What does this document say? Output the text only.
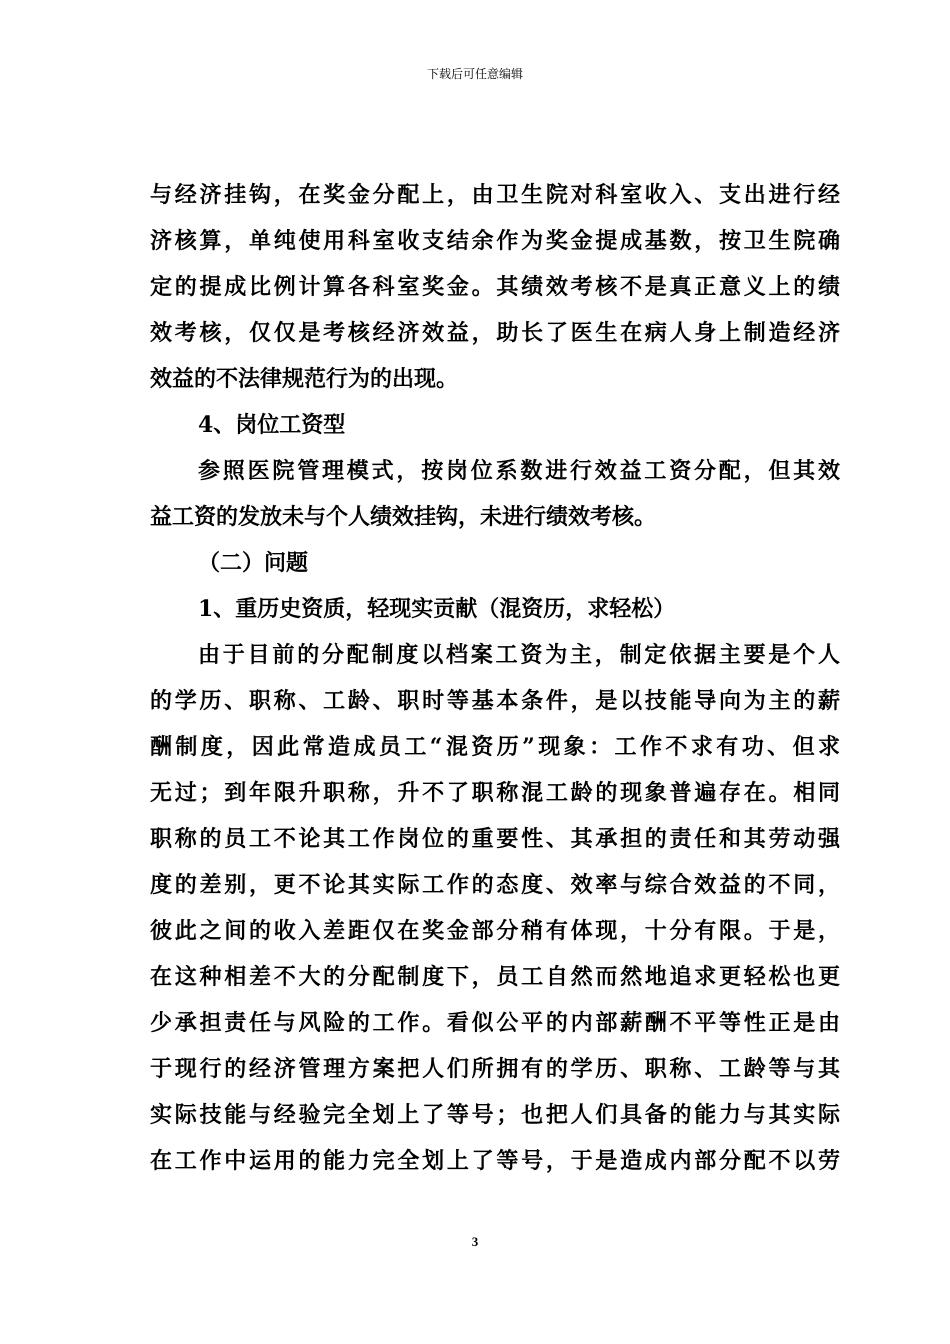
下载后可任意编辑
与经济挂钩，在奖金分配上，由卫生院对科室收入、支出进行经
济核算，单纯使用科室收支结余作为奖金提成基数，按卫生院确
定的提成比例计算各科室奖金。其绩效考核不是真正意义上的绩
效考核，仅仅是考核经济效益，助长了医生在病人身上制造经济
效益的不法律规范行为的出现。
4、岗位工资型
参照医院管理模式，按岗位系数进行效益工资分配，但其效
益工资的发放未与个人绩效挂钩，未进行绩效考核。
（二）问题
1、重历史资质，轻现实贡献（混资历，求轻松）
由于目前的分配制度以档案工资为主，制定依据主要是个人
的学历、职称、工龄、职时等基本条件，是以技能导向为主的薪
酬制度，因此常造成员工“混资历”现象：工作不求有功、但求
无过；到年限升职称，升不了职称混工龄的现象普遍存在。相同
职称的员工不论其工作岗位的重要性、其承担的责任和其劳动强
度的差别，更不论其实际工作的态度、效率与综合效益的不同，
彼此之间的收入差距仅在奖金部分稍有体现，十分有限。于是，
在这种相差不大的分配制度下，员工自然而然地追求更轻松也更
少承担责任与风险的工作。看似公平的内部薪酬不平等性正是由
于现行的经济管理方案把人们所拥有的学历、职称、工龄等与其
实际技能与经验完全划上了等号；也把人们具备的能力与其实际
在工作中运用的能力完全划上了等号，于是造成内部分配不以劳
3
